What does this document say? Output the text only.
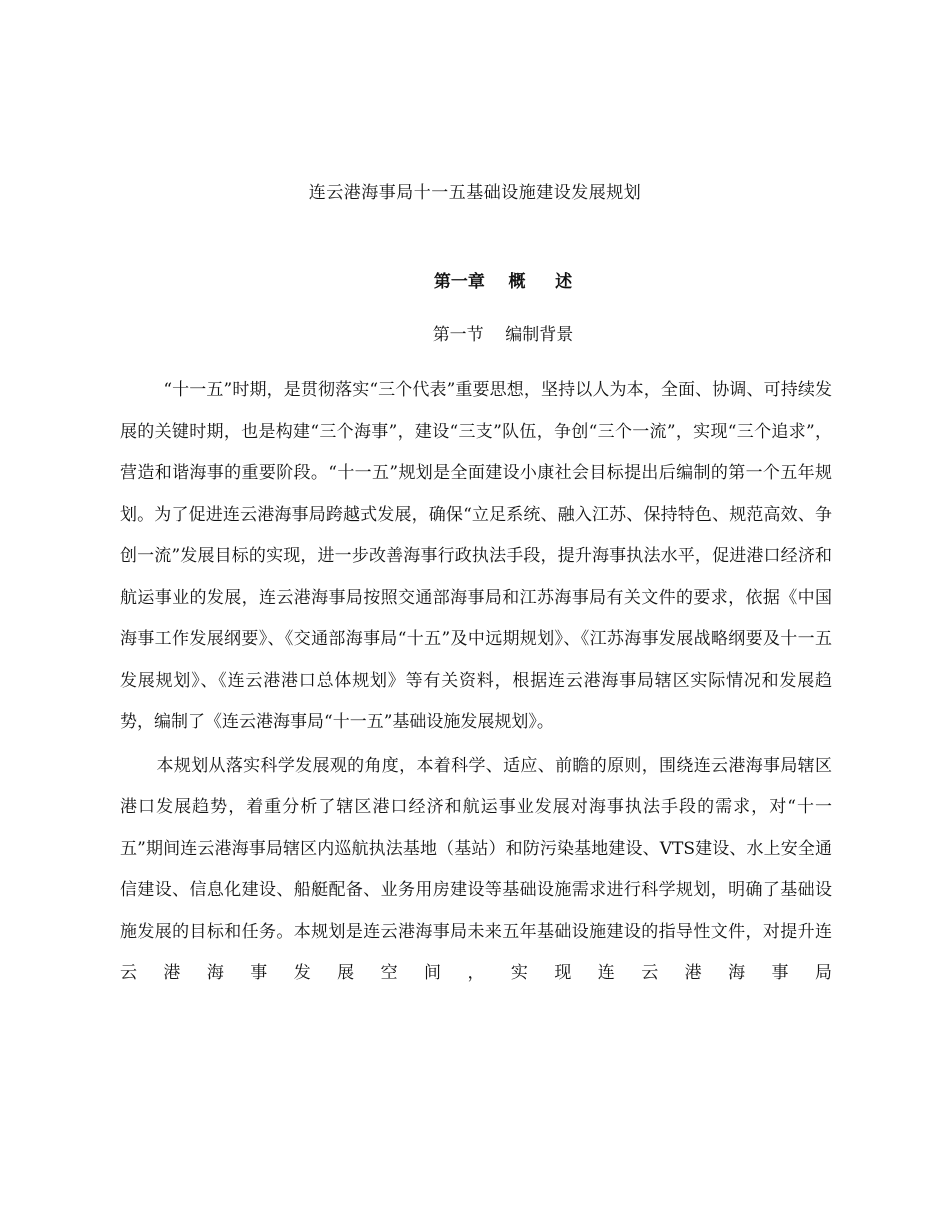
连云港海事局十一五基础设施建设发展规划
第一章    概     述
第一节    编制背景

“十一五”时期，是贯彻落实“三个代表”重要思想，坚持以人为本，全面、协调、可持续发展的关键时期，也是构建“三个海事”，建设“三支”队伍，争创“三个一流”，实现“三个追求”，营造和谐海事的重要阶段。“十一五”规划是全面建设小康社会目标提出后编制的第一个五年规划。为了促进连云港海事局跨越式发展，确保“立足系统、融入江苏、保持特色、规范高效、争创一流”发展目标的实现，进一步改善海事行政执法手段，提升海事执法水平，促进港口经济和航运事业的发展，连云港海事局按照交通部海事局和江苏海事局有关文件的要求，依据《中国海事工作发展纲要》、《交通部海事局“十五”及中远期规划》、《江苏海事发展战略纲要及十一五发展规划》、《连云港港口总体规划》等有关资料，根据连云港海事局辖区实际情况和发展趋势，编制了《连云港海事局“十一五”基础设施发展规划》。

本规划从落实科学发展观的角度，本着科学、适应、前瞻的原则，围绕连云港海事局辖区港口发展趋势，着重分析了辖区港口经济和航运事业发展对海事执法手段的需求，对“十一五”期间连云港海事局辖区内巡航执法基地（基站）和防污染基地建设、VTS建设、水上安全通信建设、信息化建设、船艇配备、业务用房建设等基础设施需求进行科学规划，明确了基础设施发展的目标和任务。本规划是连云港海事局未来五年基础设施建设的指导性文件，对提升连云港海事发展空间，实现连云港海事局
